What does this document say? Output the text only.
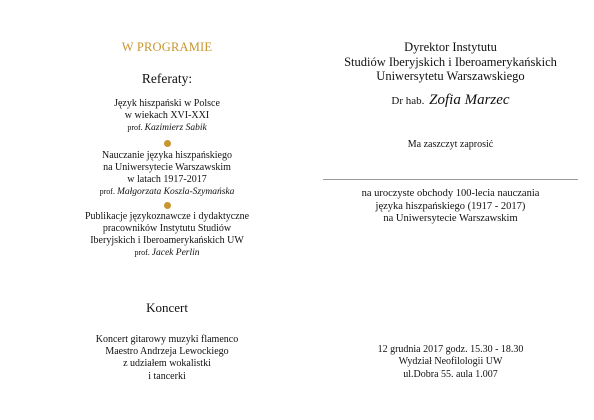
W PROGRAMIE
Referaty:
Język hiszpański w Polsce
w wiekach XVI-XXI
prof. Kazimierz Sabik
Nauczanie języka hiszpańskiego
na Uniwersytecie Warszawskim
w latach 1917-2017
prof. Małgorzata Koszla-Szymańska
Publikacje językoznawcze i dydaktyczne
pracowników Instytutu Studiów
Iberyjskich i Iberoamerykańskich UW
prof. Jacek Perlin
Koncert
Koncert gitarowy muzyki flamenco
Maestro Andrzeja Lewockiego
z udziałem wokalistki
i tancerki
Dyrektor Instytutu
Studiów Iberyjskich i Iberoamerykańskich
Uniwersytetu Warszawskiego
Dr hab. Zofia Marzec
Ma zaszczyt zaprosić
na uroczyste obchody 100-lecia nauczania
języka hiszpańskiego (1917 - 2017)
na Uniwersytecie Warszawskim
12 grudnia 2017 godz. 15.30 - 18.30
Wydział Neofilologii UW
ul.Dobra 55. aula 1.007
